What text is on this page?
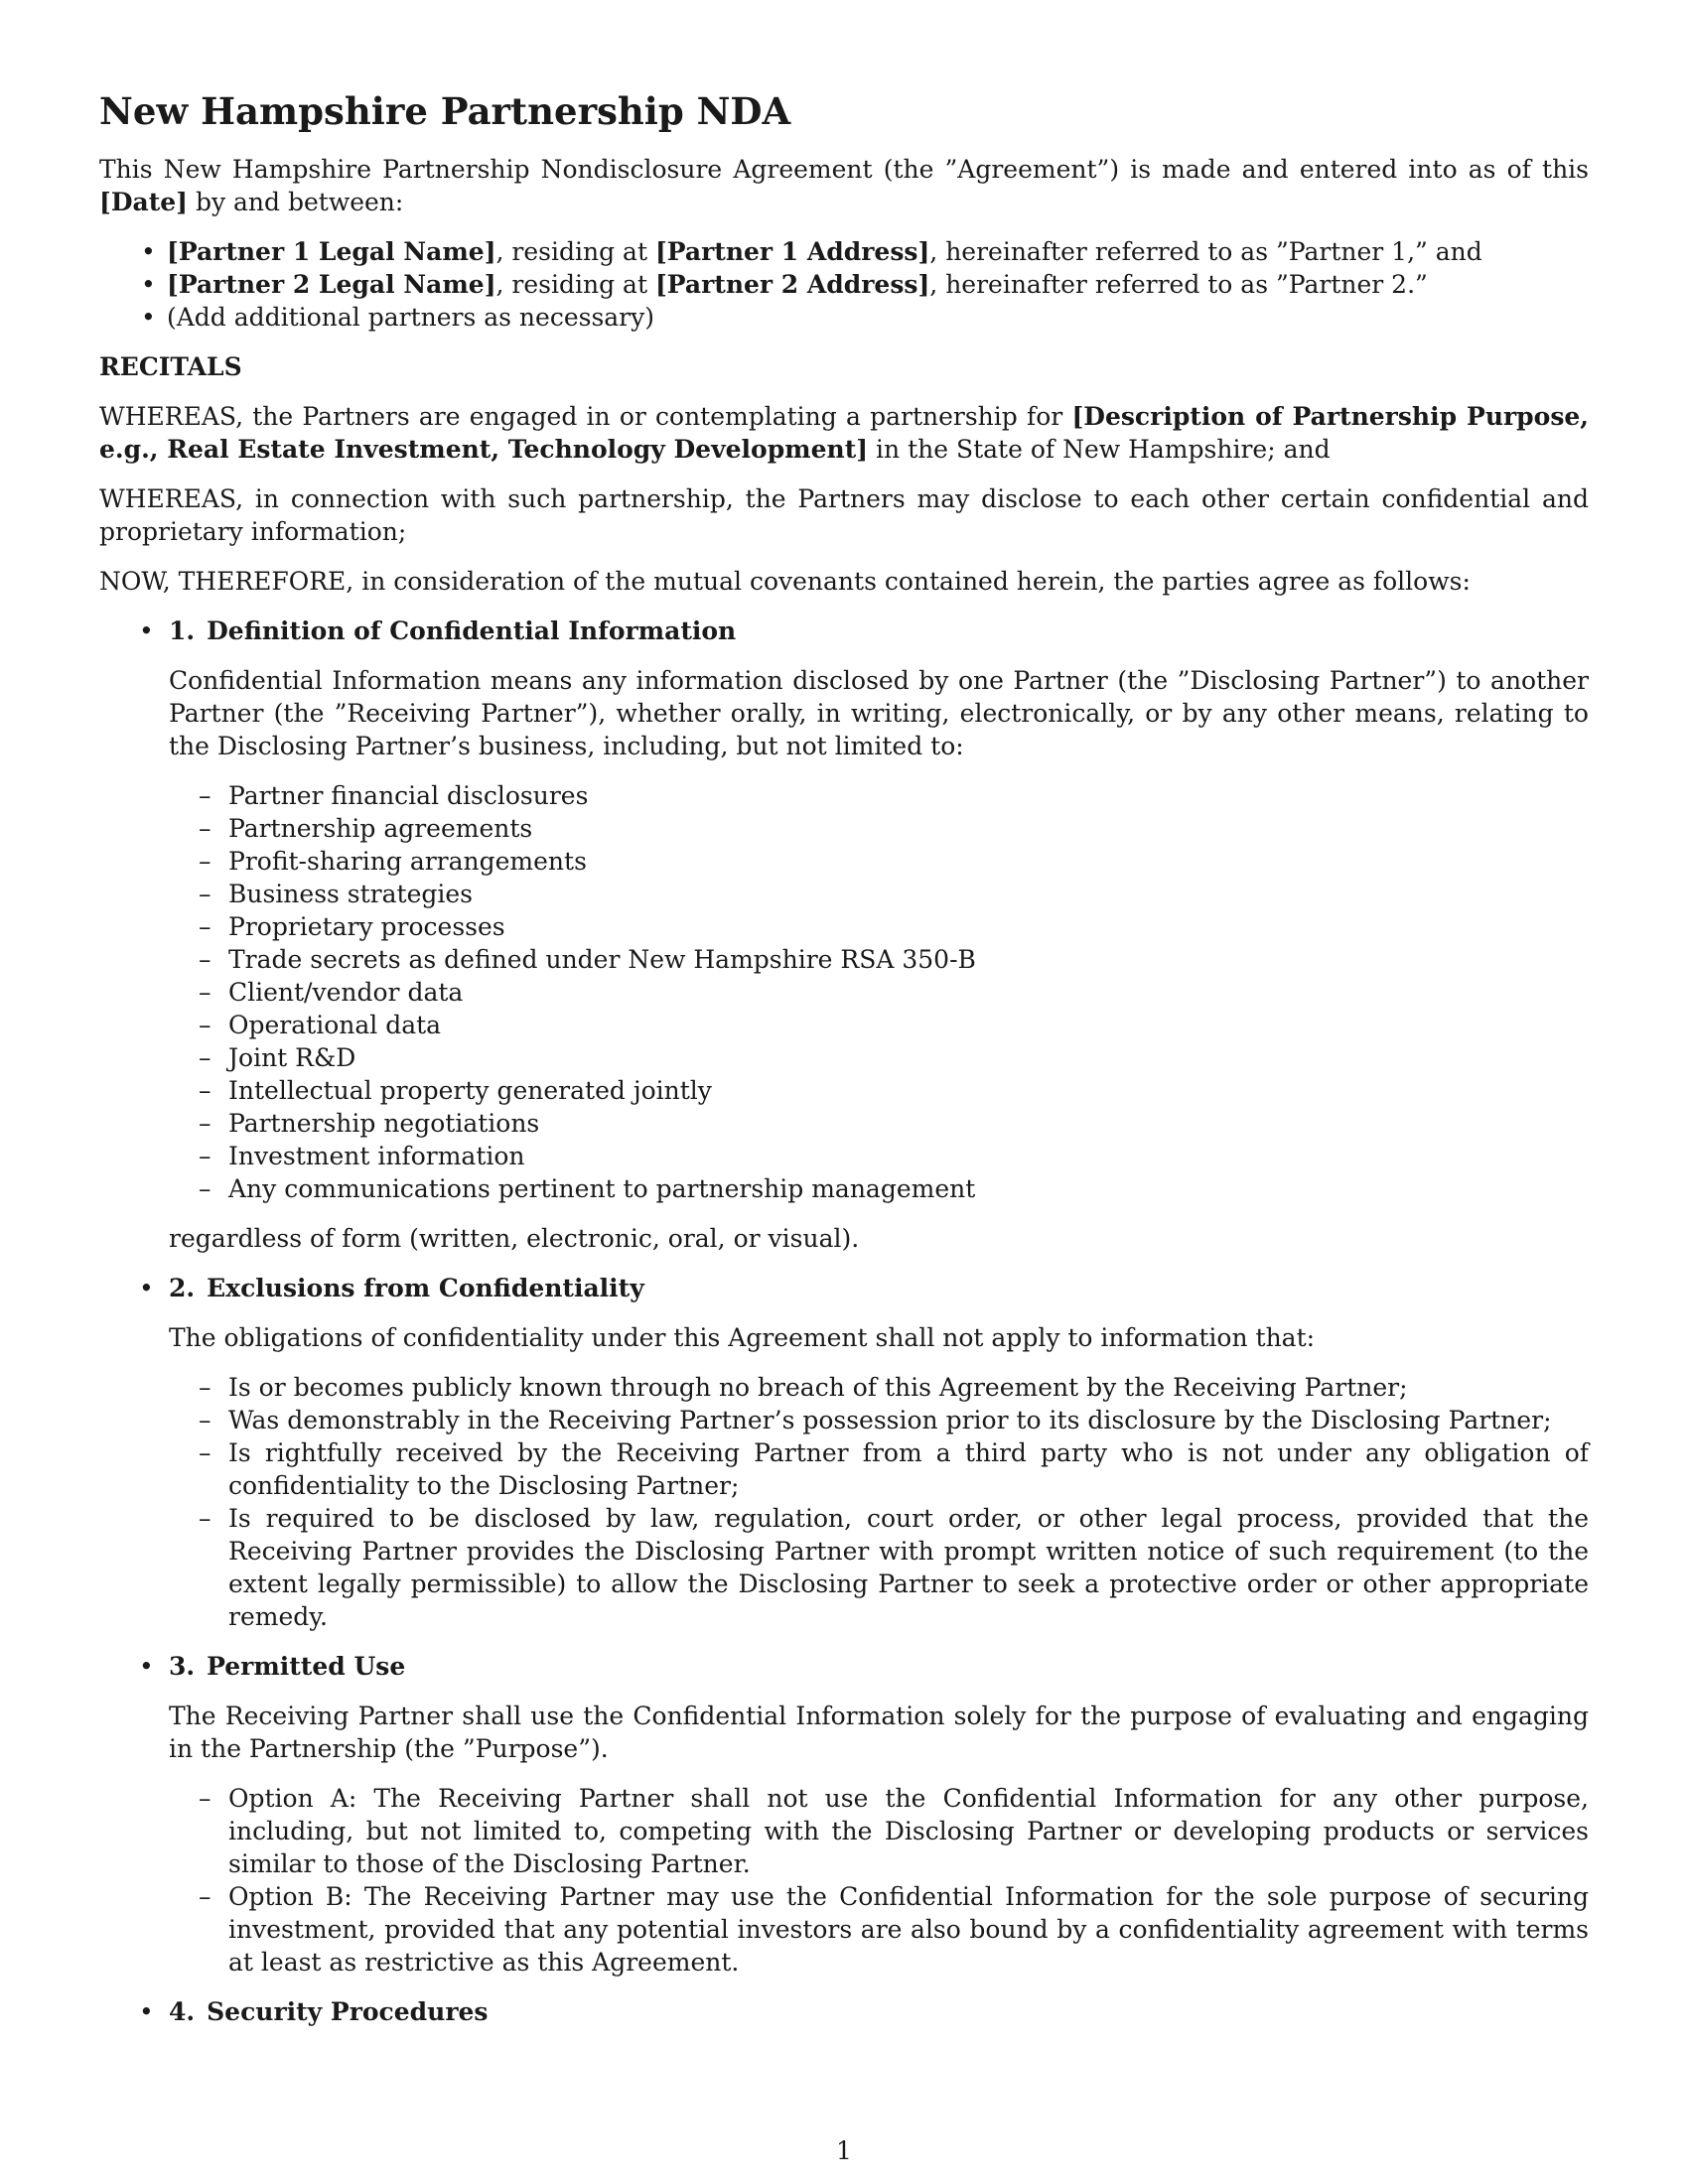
New Hampshire Partnership NDA

This New Hampshire Partnership Nondisclosure Agreement (the ”Agreement”) is made and entered into as of this [Date] by and between:

• [Partner 1 Legal Name], residing at [Partner 1 Address], hereinafter referred to as ”Partner 1,” and
• [Partner 2 Legal Name], residing at [Partner 2 Address], hereinafter referred to as ”Partner 2.”
• (Add additional partners as necessary)
RECITALS

WHEREAS, the Partners are engaged in or contemplating a partnership for [Description of Partnership Purpose, e.g., Real Estate Investment, Technology Development] in the State of New Hampshire; and

WHEREAS, in connection with such partnership, the Partners may disclose to each other certain confidential and proprietary information;

NOW, THEREFORE, in consideration of the mutual covenants contained herein, the parties agree as follows:

• 1. Definition of Confidential Information

Confidential Information means any information disclosed by one Partner (the ”Disclosing Partner”) to another Partner (the ”Receiving Partner”), whether orally, in writing, electronically, or by any other means, relating to the Disclosing Partner’s business, including, but not limited to:

– Partner financial disclosures
– Partnership agreements
– Profit-sharing arrangements
– Business strategies
– Proprietary processes
– Trade secrets as defined under New Hampshire RSA 350-B
– Client/vendor data
– Operational data
– Joint R&D
– Intellectual property generated jointly
– Partnership negotiations
– Investment information
– Any communications pertinent to partnership management

regardless of form (written, electronic, oral, or visual).

• 2. Exclusions from Confidentiality

The obligations of confidentiality under this Agreement shall not apply to information that:

– Is or becomes publicly known through no breach of this Agreement by the Receiving Partner;
– Was demonstrably in the Receiving Partner’s possession prior to its disclosure by the Disclosing Partner;
– Is rightfully received by the Receiving Partner from a third party who is not under any obligation of confidentiality to the Disclosing Partner;
– Is required to be disclosed by law, regulation, court order, or other legal process, provided that the Receiving Partner provides the Disclosing Partner with prompt written notice of such requirement (to the extent legally permissible) to allow the Disclosing Partner to seek a protective order or other appropriate remedy.
• 3. Permitted Use

The Receiving Partner shall use the Confidential Information solely for the purpose of evaluating and engaging in the Partnership (the ”Purpose”).

– Option A: The Receiving Partner shall not use the Confidential Information for any other purpose, including, but not limited to, competing with the Disclosing Partner or developing products or services similar to those of the Disclosing Partner.
– Option B: The Receiving Partner may use the Confidential Information for the sole purpose of securing investment, provided that any potential investors are also bound by a confidentiality agreement with terms at least as restrictive as this Agreement.
• 4. Security Procedures
1
